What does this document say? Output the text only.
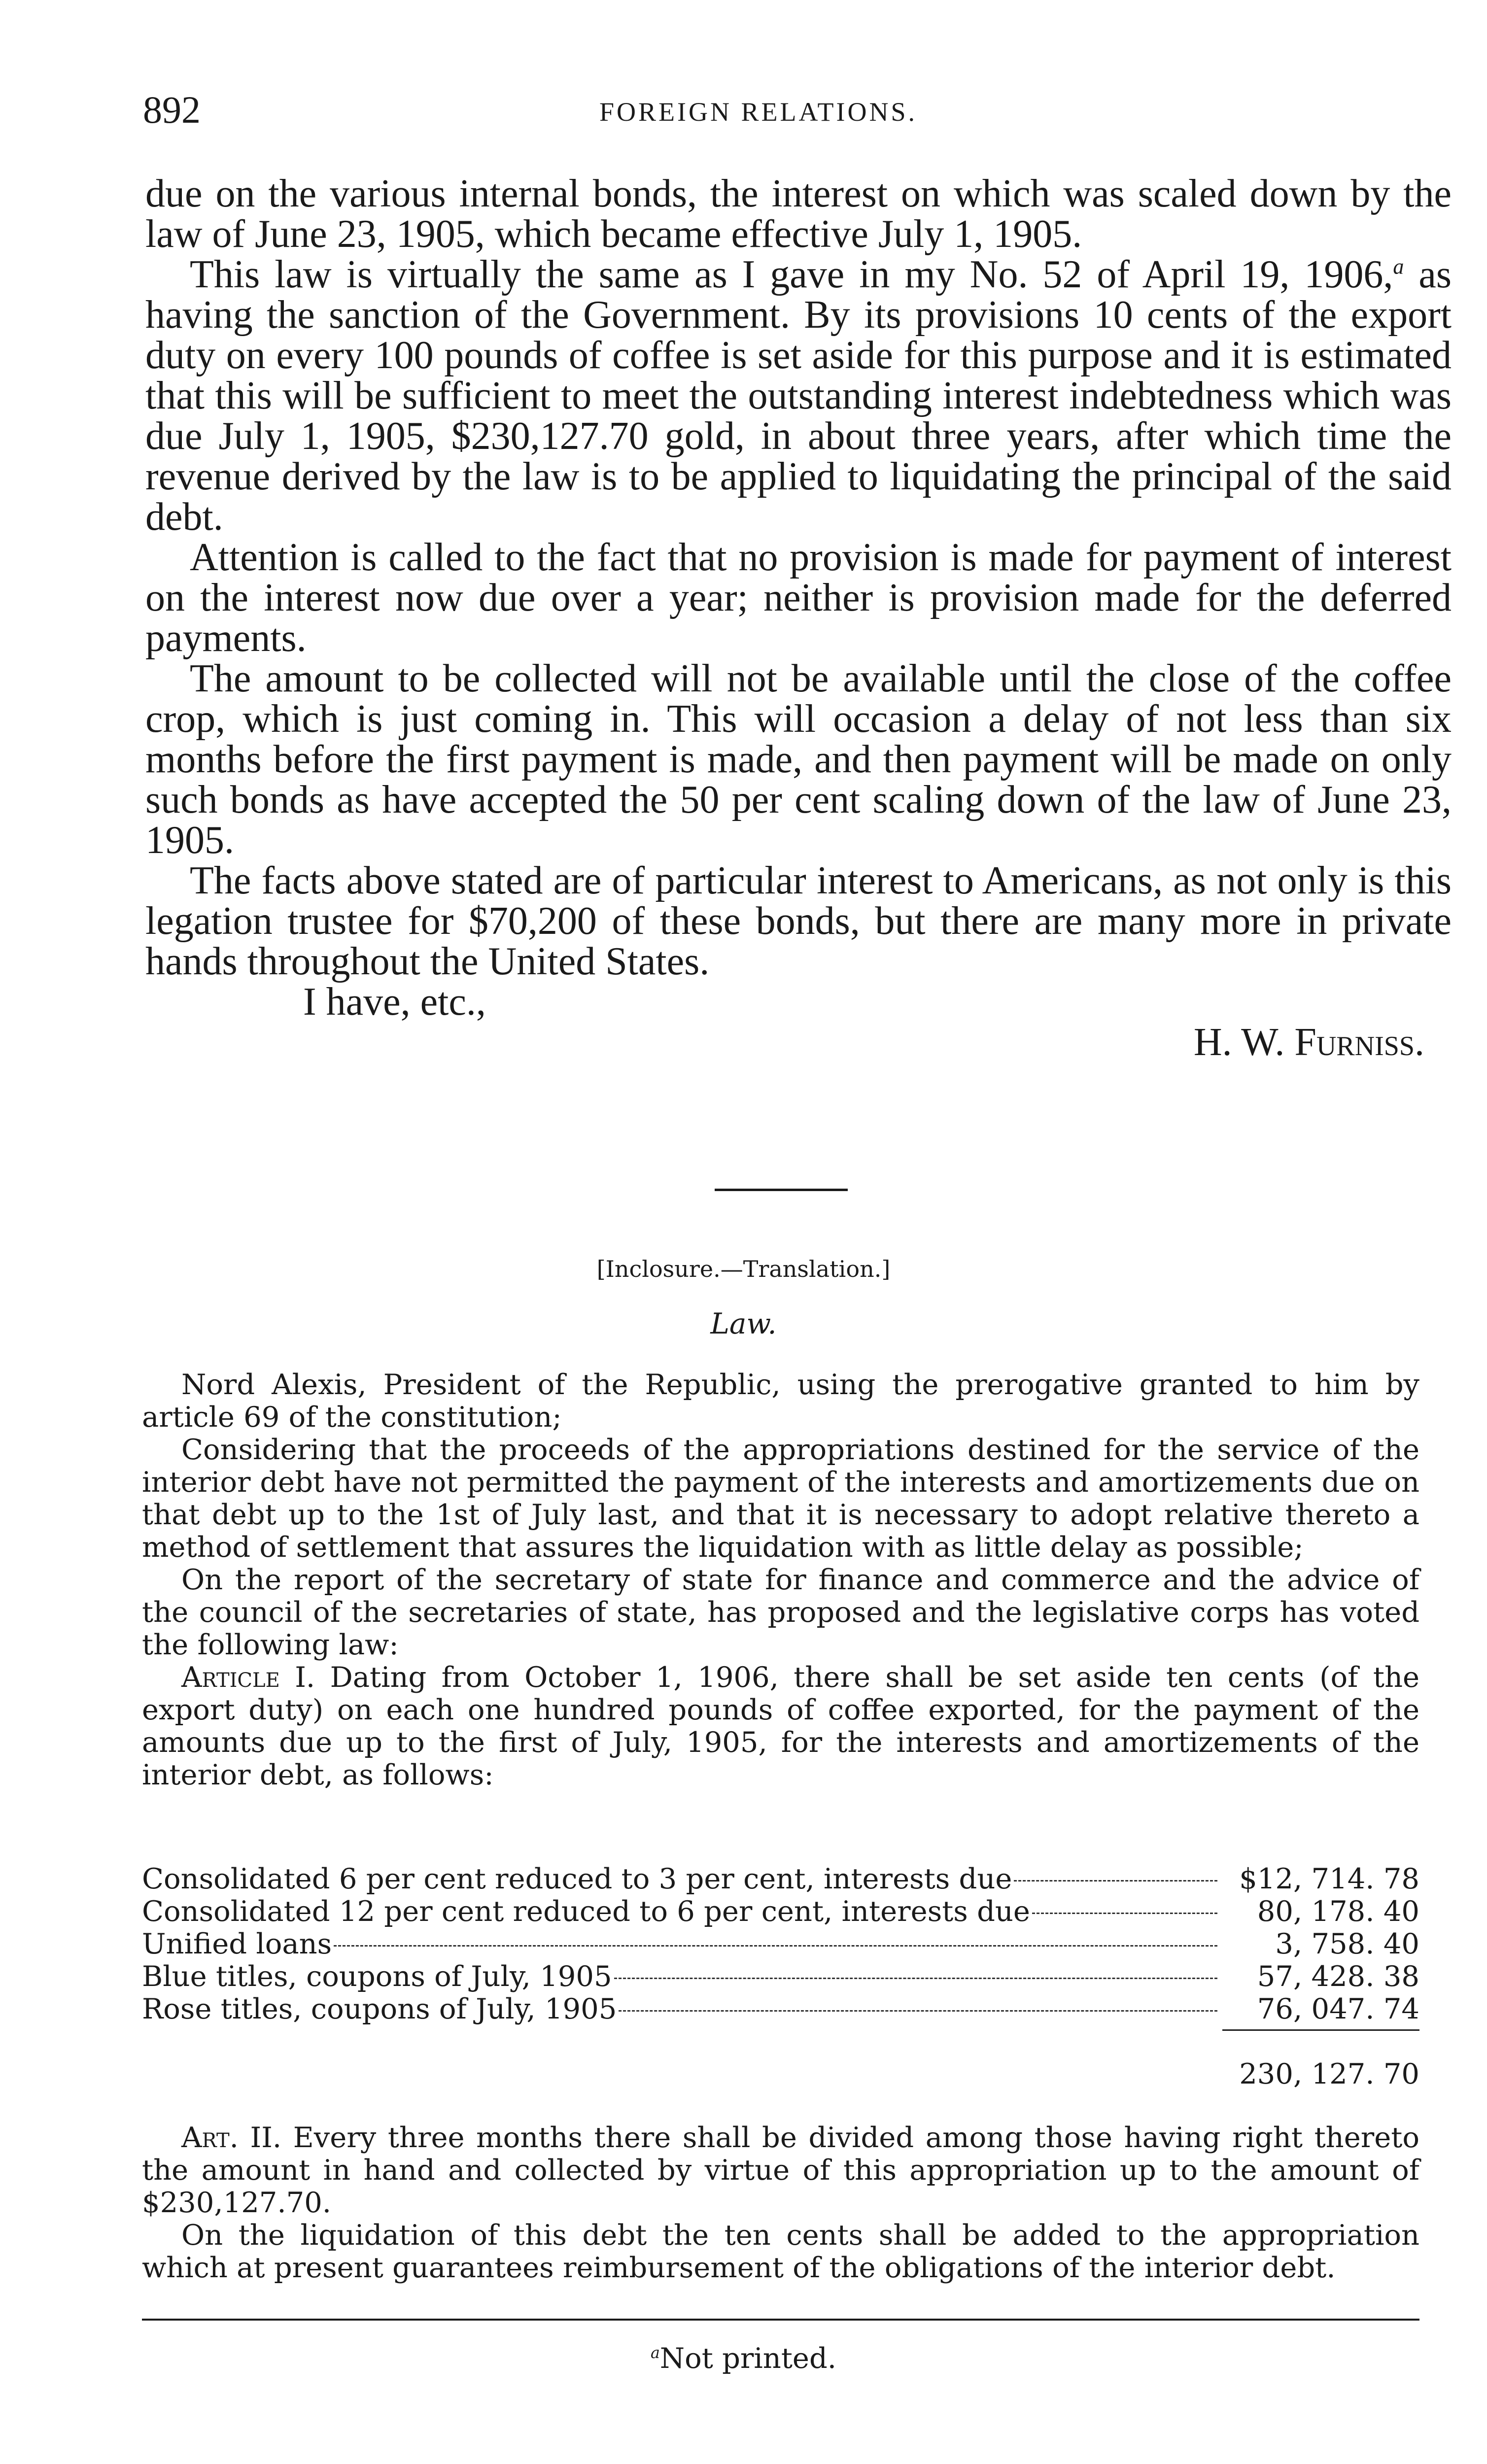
892	FOREIGN RELATIONS.

due on the various internal bonds, the interest on which was scaled down by the law of June 23, 1905, which became effective July 1, 1905.

This law is virtually the same as I gave in my No. 52 of April 19, 1906,$^a$ as having the sanction of the Government. By its provisions 10 cents of the export duty on every 100 pounds of coffee is set aside for this purpose and it is estimated that this will be sufficient to meet the outstanding interest indebtedness which was due July 1, 1905, $230,127.70 gold, in about three years, after which time the revenue derived by the law is to be applied to liquidating the principal of the said debt.

Attention is called to the fact that no provision is made for payment of interest on the interest now due over a year; neither is provision made for the deferred payments.

The amount to be collected will not be available until the close of the coffee crop, which is just coming in. This will occasion a delay of not less than six months before the first payment is made, and then payment will be made on only such bonds as have accepted the 50 per cent scaling down of the law of June 23, 1905.

The facts above stated are of particular interest to Americans, as not only is this legation trustee for $70,200 of these bonds, but there are many more in private hands throughout the United States.

I have, etc.,

H. W. Furniss.

[Inclosure.—Translation.]
Law.

Nord Alexis, President of the Republic, using the prerogative granted to him by article 69 of the constitution;

Considering that the proceeds of the appropriations destined for the service of the interior debt have not permitted the payment of the interests and amortizements due on that debt up to the 1st of July last, and that it is necessary to adopt relative thereto a method of settlement that assures the liquidation with as little delay as possible;

On the report of the secretary of state for finance and commerce and the advice of the council of the secretaries of state, has proposed and the legislative corps has voted the following law:

Article I. Dating from October 1, 1906, there shall be set aside ten cents (of the export duty) on each one hundred pounds of coffee exported, for the payment of the amounts due up to the first of July, 1905, for the interests and amortizements of the interior debt, as follows:

Consolidated 6 per cent reduced to 3 per cent, interests due	$12, 714. 78
Consolidated 12 per cent reduced to 6 per cent, interests due	80, 178. 40
Unified loans	3, 758. 40
Blue titles, coupons of July, 1905	57, 428. 38
Rose titles, coupons of July, 1905	76, 047. 74
230, 127. 70

Art. II. Every three months there shall be divided among those having right thereto the amount in hand and collected by virtue of this appropriation up to the amount of $230,127.70.

On the liquidation of this debt the ten cents shall be added to the appropriation which at present guarantees reimbursement of the obligations of the interior debt.

$^a$Not printed.
